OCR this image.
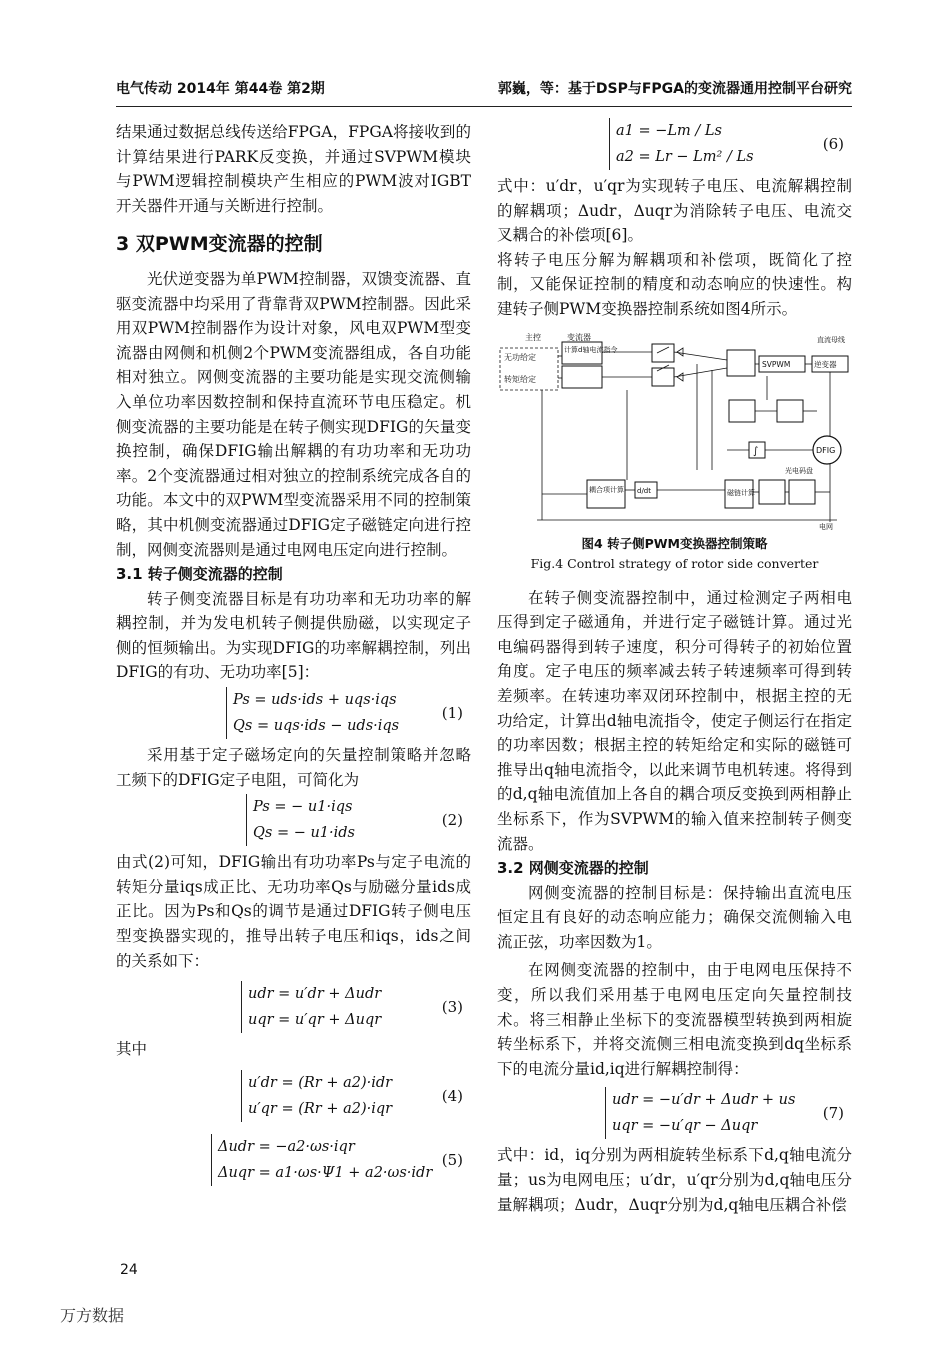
电气传动 2014年 第44卷 第2期	郭巍，等：基于DSP与FPGA的变流器通用控制平台研究

结果通过数据总线传送给FPGA，FPGA将接收到的计算结果进行PARK反变换，并通过SVPWM模块与PWM逻辑控制模块产生相应的PWM波对IGBT开关器件开通与关断进行控制。

3 双PWM变流器的控制

光伏逆变器为单PWM控制器，双馈变流器、直驱变流器中均采用了背靠背双PWM控制器。因此采用双PWM控制器作为设计对象，风电双PWM型变流器由网侧和机侧2个PWM变流器组成，各自功能相对独立。网侧变流器的主要功能是实现交流侧输入单位功率因数控制和保持直流环节电压稳定。机侧变流器的主要功能是在转子侧实现DFIG的矢量变换控制，确保DFIG输出解耦的有功功率和无功功率。2个变流器通过相对独立的控制系统完成各自的功能。本文中的双PWM型变流器采用不同的控制策略，其中机侧变流器通过DFIG定子磁链定向进行控制，网侧变流器则是通过电网电压定向进行控制。

3.1 转子侧变流器的控制

转子侧变流器目标是有功功率和无功功率的解耦控制，并为发电机转子侧提供励磁，以实现定子侧的恒频输出。为实现DFIG的功率解耦控制，列出DFIG的有功、无功功率[5]：

Ps = uds·ids + uqs·iqs
Qs = uqs·ids − uds·iqs
(1)

采用基于定子磁场定向的矢量控制策略并忽略工频下的DFIG定子电阻，可简化为

Ps = − u1·iqs
Qs = − u1·ids
(2)

由式(2)可知，DFIG输出有功功率Ps与定子电流的转矩分量iqs成正比、无功功率Qs与励磁分量ids成正比。因为Ps和Qs的调节是通过DFIG转子侧电压型变换器实现的，推导出转子电压和iqs，ids之间的关系如下：

udr = u′dr + Δudr
uqr = u′qr + Δuqr
(3)

其中

u′dr = (Rr + a2)·idr
u′qr = (Rr + a2)·iqr
(4)
Δudr = −a2·ωs·iqr
Δuqr = a1·ωs·Ψ1 + a2·ωs·idr
(5)
a1 = −Lm / Ls
a2 = Lr − Lm² / Ls
(6)

式中：u′dr，u′qr为实现转子电压、电流解耦控制的解耦项；Δudr，Δuqr为消除转子电压、电流交叉耦合的补偿项[6]。

将转子电压分解为解耦项和补偿项，既简化了控制，又能保证控制的精度和动态响应的快速性。构建转子侧PWM变换器控制系统如图4所示。

主控	变流器
无功给定
转矩给定
计算d轴电流指令
SVPWM	逆变器
直流母线
DFIG
光电码盘
耦合项计算 d/dt	磁链计算
电网
∫
图4 转子侧PWM变换器控制策略
Fig.4 Control strategy of rotor side converter

在转子侧变流器控制中，通过检测定子两相电压得到定子磁通角，并进行定子磁链计算。通过光电编码器得到转子速度，积分可得转子的初始位置角度。定子电压的频率减去转子转速频率可得到转差频率。在转速功率双闭环控制中，根据主控的无功给定，计算出d轴电流指令，使定子侧运行在指定的功率因数；根据主控的转矩给定和实际的磁链可推导出q轴电流指令，以此来调节电机转速。将得到的d,q轴电流值加上各自的耦合项反变换到两相静止坐标系下，作为SVPWM的输入值来控制转子侧变流器。

3.2 网侧变流器的控制

网侧变流器的控制目标是：保持输出直流电压恒定且有良好的动态响应能力；确保交流侧输入电流正弦，功率因数为1。

在网侧变流器的控制中，由于电网电压保持不变，所以我们采用基于电网电压定向矢量控制技术。将三相静止坐标下的变流器模型转换到两相旋转坐标系下，并将交流侧三相电流变换到dq坐标系下的电流分量id,iq进行解耦控制得：

udr = −u′dr + Δudr + us
uqr = −u′qr − Δuqr
(7)

式中：id，iq分别为两相旋转坐标系下d,q轴电流分量；us为电网电压；u′dr，u′qr分别为d,q轴电压分量解耦项；Δudr，Δuqr分别为d,q轴电压耦合补偿

24
万方数据
